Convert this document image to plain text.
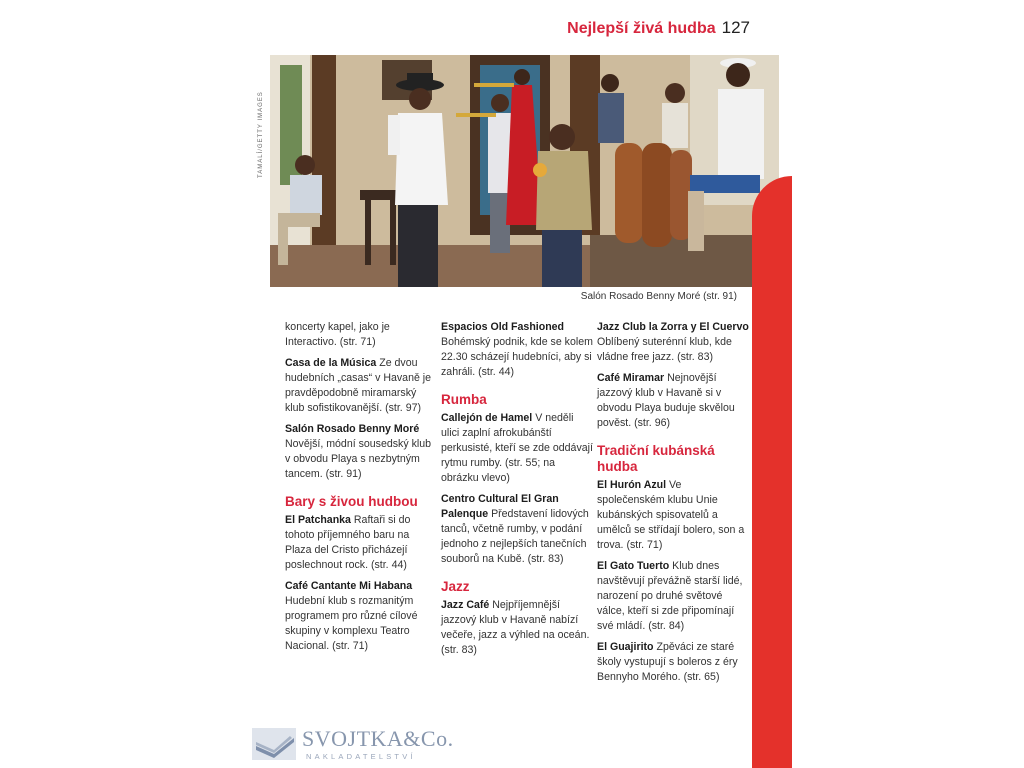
Nejlepší živá hudba 127
TAMALÍ/GETTY IMAGES
Salón Rosado Benny Moré (str. 91)
koncerty kapel, jako je Interactivo. (str. 71)
Casa de la Música Ze dvou hudebních „casas“ v Havaně je pravděpodobně miramarský klub sofistikovanější. (str. 97)
Salón Rosado Benny Moré Novější, módní sousedský klub v obvodu Playa s nezbytným tancem. (str. 91)
Bary s živou hudbou
El Patchanka Raftaři si do tohoto příjemného baru na Plaza del Cristo přicházejí poslechnout rock. (str. 44)
Café Cantante Mi Habana Hudební klub s rozmanitým programem pro různé cílové skupiny v komplexu Teatro Nacional. (str. 71)
Espacios Old Fashioned Bohémský podnik, kde se kolem 22.30 scházejí hudebníci, aby si zahráli. (str. 44)
Rumba
Callejón de Hamel V neděli ulici zaplní afrokubánští perkusisté, kteří se zde oddávají rytmu rumby. (str. 55; na obrázku vlevo)
Centro Cultural El Gran Palenque Představení lidových tanců, včetně rumby, v podání jednoho z nejlepších tanečních souborů na Kubě. (str. 83)
Jazz
Jazz Café Nejpříjemnější jazzový klub v Havaně nabízí večeře, jazz a výhled na oceán. (str. 83)
Jazz Club la Zorra y El Cuervo Oblíbený suterénní klub, kde vládne free jazz. (str. 83)
Café Miramar Nejnovější jazzový klub v Havaně si v obvodu Playa buduje skvělou pověst. (str. 96)
Tradiční kubánská hudba
El Hurón Azul Ve společenském klubu Unie kubánských spisovatelů a umělců se střídají bolero, son a trova. (str. 71)
El Gato Tuerto Klub dnes navštěvují převážně starší lidé, narození po druhé světové válce, kteří si zde připomínají své mládí. (str. 84)
El Guajirito Zpěváci ze staré školy vystupují s boleros z éry Bennyho Morého. (str. 65)
SVOJTKA&Co.
NAKLADATELSTVÍ
